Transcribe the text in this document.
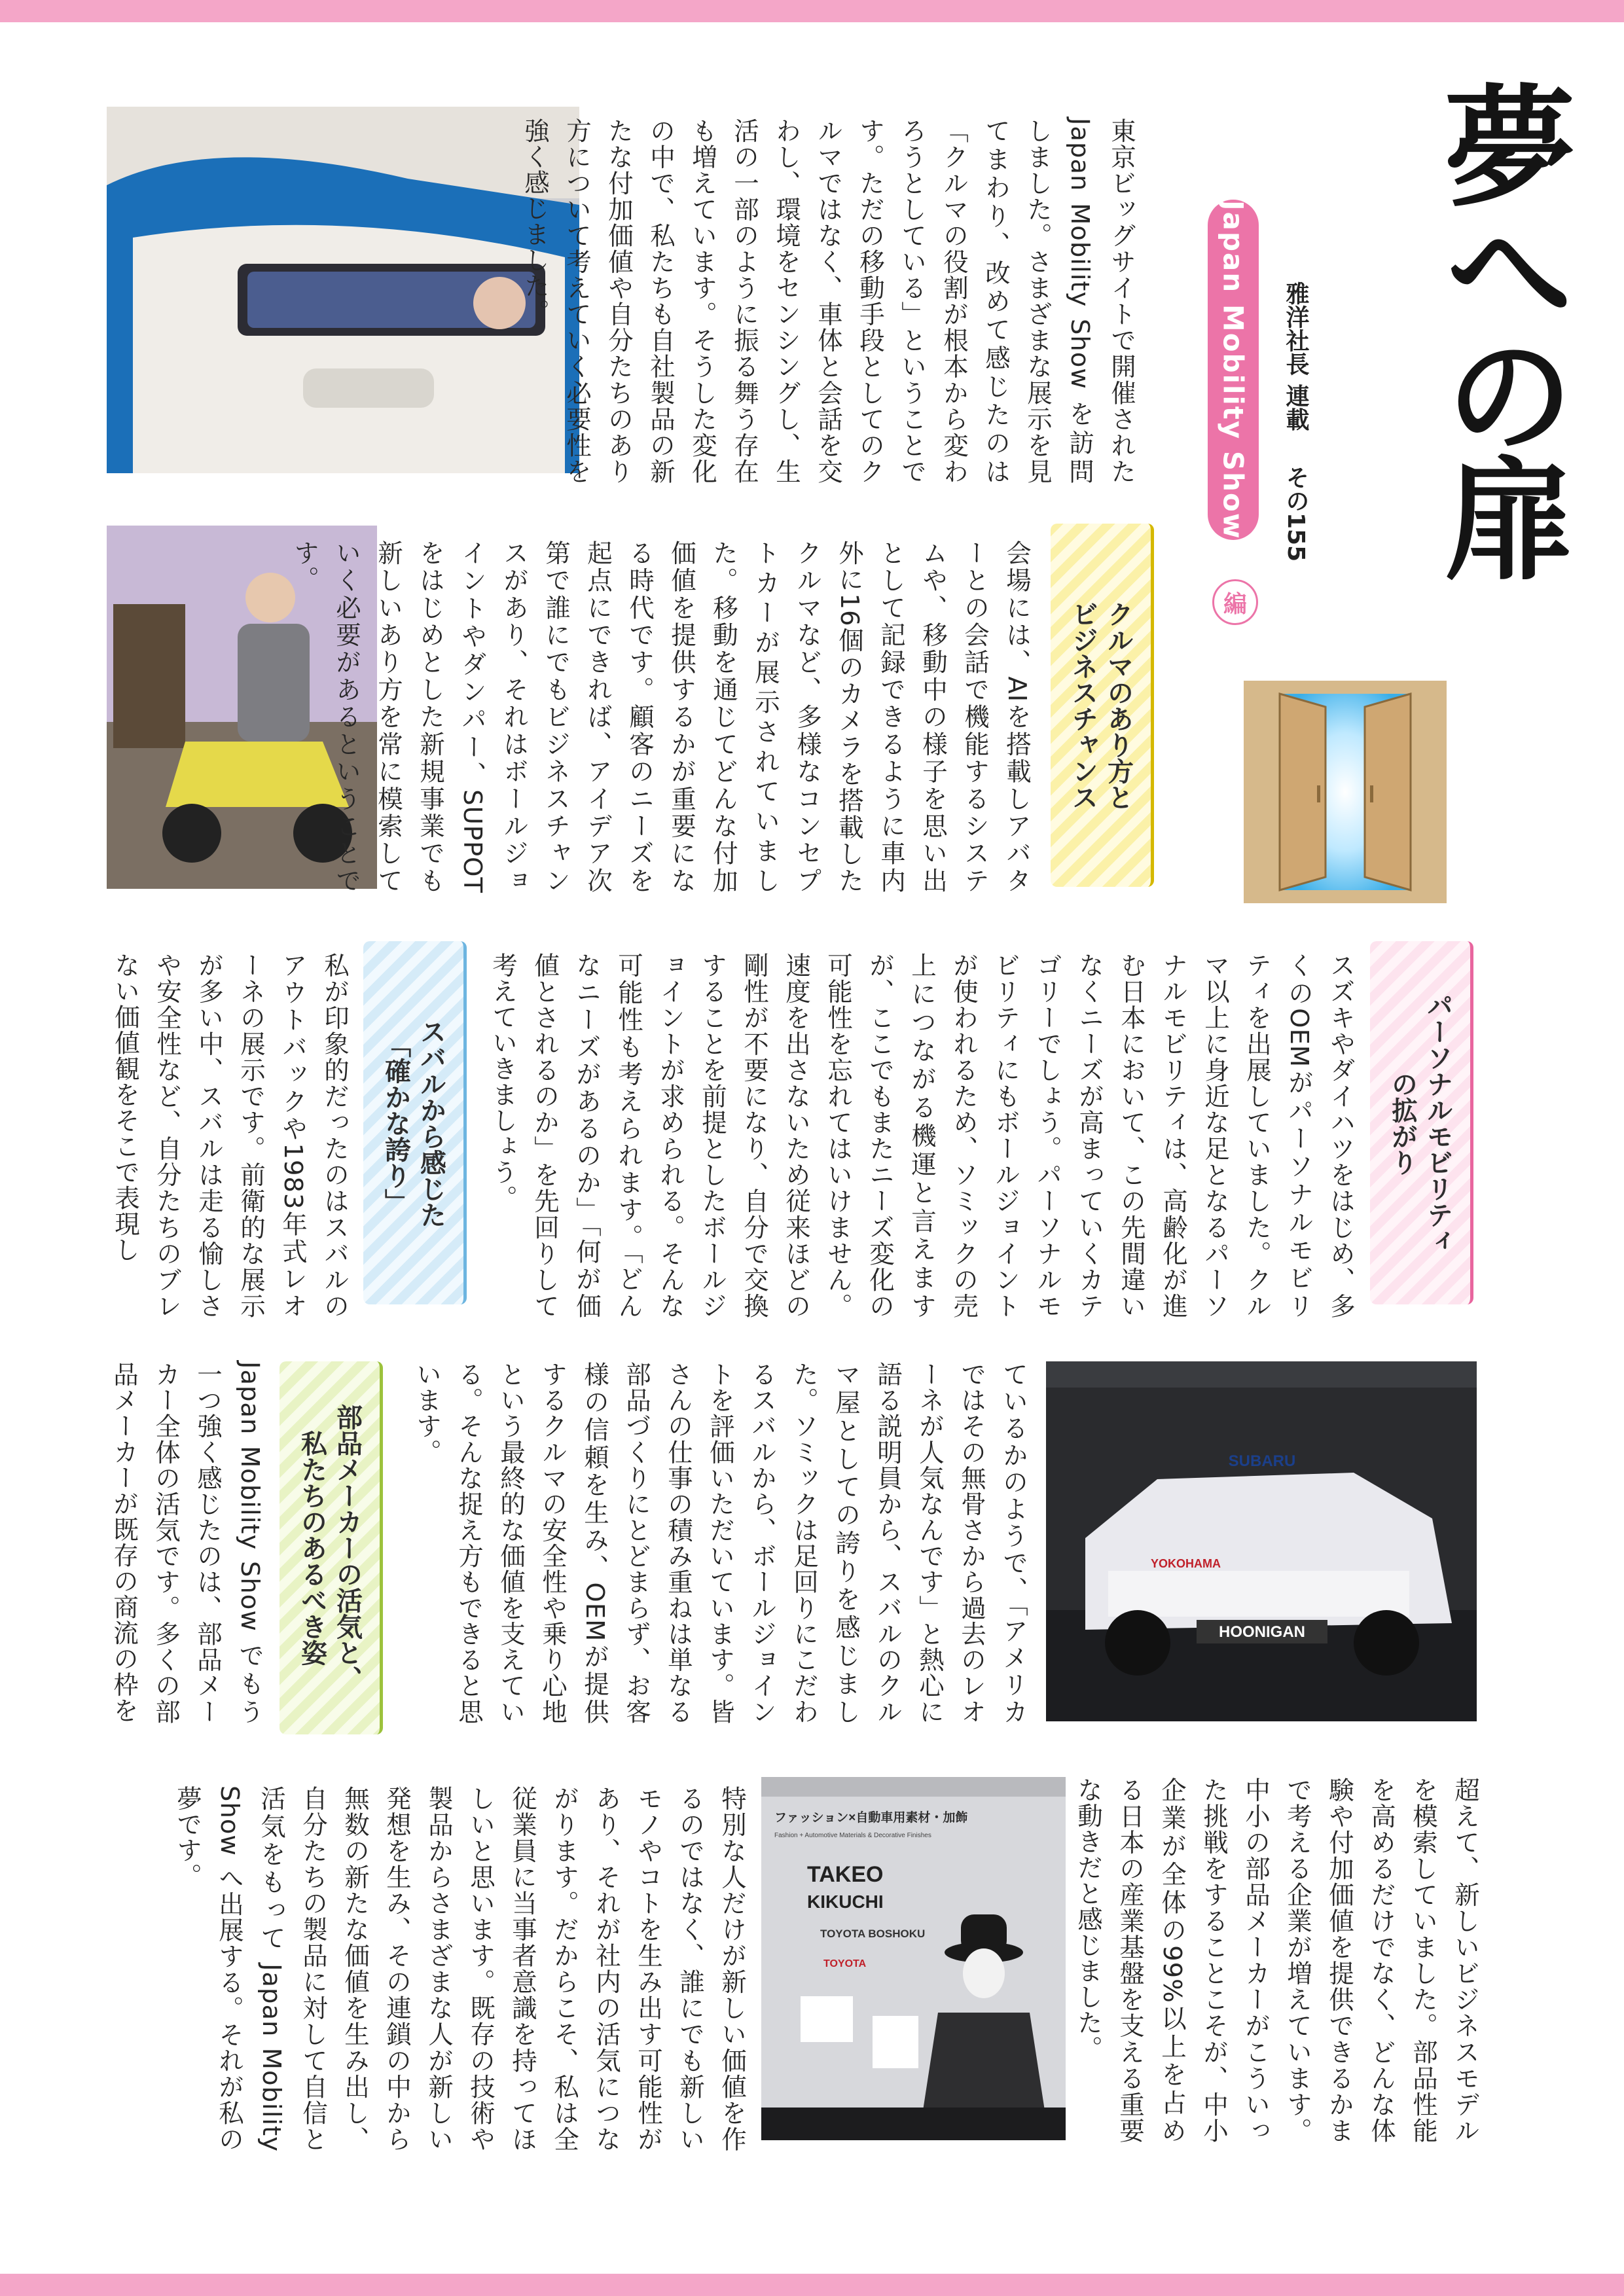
夢への扉
雅洋社長 連載 その155
Japan Mobility Show
編
HOONIGAN
SUBARU
YOKOHAMA
ファッション×自動車用素材・加飾
Fashion + Automotive Materials & Decorative Finishes
TAKEO
KIKUCHI
TOYOTA BOSHOKU
TOYOTA
パーソナルモビリティ
の拡がり
クルマのあり方と
ビジネスチャンス
スバルから感じた
「確かな誇り」
部品メーカーの活気と、
私たちのあるべき姿
東京ビッグサイトで開催された Japan Mobility Show を訪問しました。さまざまな展示を見てまわり、改めて感じたのは「クルマの役割が根本から変わろうとしている」ということです。ただの移動手段としてのクルマではなく、車体と会話を交わし、環境をセンシングし、生活の一部のように振る舞う存在も増えています。そうした変化の中で、私たちも自社製品の新たな付加価値や自分たちのあり方について考えていく必要性を強く感じました。
会場には、AIを搭載しアバターとの会話で機能するシステムや、移動中の様子を思い出として記録できるように車内外に16個のカメラを搭載したクルマなど、多様なコンセプトカーが展示されていました。移動を通じてどんな付加価値を提供するかが重要になる時代です。顧客のニーズを起点にできれば、アイデア次第で誰にでもビジネスチャンスがあり、それはボールジョイントやダンパー、SUPPOTをはじめとした新規事業でも新しいあり方を常に模索していく必要があるということです。
スズキやダイハツをはじめ、多くのOEMがパーソナルモビリティを出展していました。クルマ以上に身近な足となるパーソナルモビリティは、高齢化が進む日本において、この先間違いなくニーズが高まっていくカテゴリーでしょう。パーソナルモビリティにもボールジョイントが使われるため、ソミックの売上につながる機運と言えますが、ここでもまたニーズ変化の可能性を忘れてはいけません。速度を出さないため従来ほどの剛性が不要になり、自分で交換することを前提としたボールジョイントが求められる。そんな可能性も考えられます。「どんなニーズがあるのか」「何が価値とされるのか」を先回りして考えていきましょう。
私が印象的だったのはスバルのアウトバックや1983年式レオーネの展示です。前衛的な展示が多い中、スバルは走る愉しさや安全性など、自分たちのブレない価値観をそこで表現し
ているかのようで、「アメリカではその無骨さから過去のレオーネが人気なんです」と熱心に語る説明員から、スバルのクルマ屋としての誇りを感じました。ソミックは足回りにこだわるスバルから、ボールジョイントを評価いただいています。皆さんの仕事の積み重ねは単なる部品づくりにとどまらず、お客様の信頼を生み、OEMが提供するクルマの安全性や乗り心地という最終的な価値を支えている。そんな捉え方もできると思います。
Japan Mobility Show でもう一つ強く感じたのは、部品メーカー全体の活気です。多くの部品メーカーが既存の商流の枠を
超えて、新しいビジネスモデルを模索していました。部品性能を高めるだけでなく、どんな体験や付加価値を提供できるかまで考える企業が増えています。中小の部品メーカーがこういった挑戦をすることこそが、中小企業が全体の99%以上を占める日本の産業基盤を支える重要な動きだと感じました。
特別な人だけが新しい価値を作るのではなく、誰にでも新しいモノやコトを生み出す可能性があり、それが社内の活気につながります。だからこそ、私は全従業員に当事者意識を持ってほしいと思います。既存の技術や製品からさまざまな人が新しい発想を生み、その連鎖の中から無数の新たな価値を生み出し、自分たちの製品に対して自信と活気をもって Japan Mobility Show へ出展する。それが私の夢です。
